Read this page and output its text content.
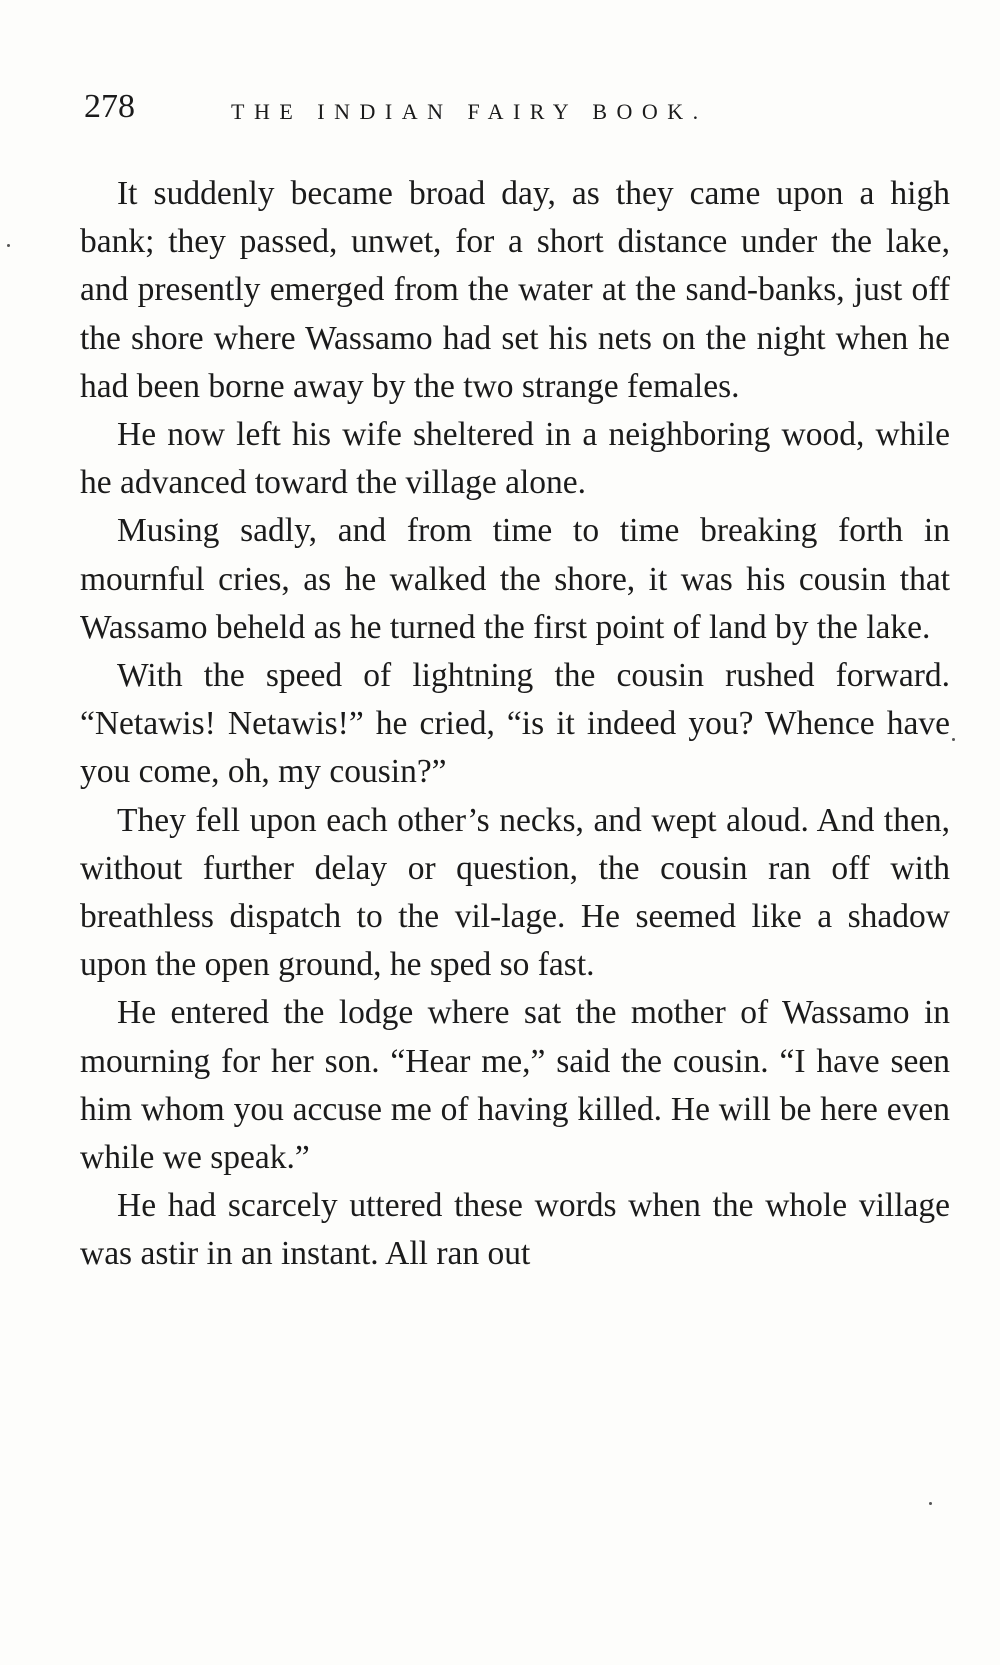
278	THE INDIAN FAIRY BOOK.

It suddenly became broad day, as they came upon a high bank; they passed, unwet, for a short distance under the lake, and presently emerged from the water at the sand-banks, just off the shore where Wassamo had set his nets on the night when he had been borne away by the two strange females.

He now left his wife sheltered in a neighboring wood, while he advanced toward the village alone.

Musing sadly, and from time to time breaking forth in mournful cries, as he walked the shore, it was his cousin that Wassamo beheld as he turned the first point of land by the lake.

With the speed of lightning the cousin rushed forward. “Netawis! Netawis!” he cried, “is it indeed you? Whence have you come, oh, my cousin?”

They fell upon each other’s necks, and wept aloud. And then, without further delay or question, the cousin ran off with breathless dispatch to the vil-lage. He seemed like a shadow upon the open ground, he sped so fast.

He entered the lodge where sat the mother of Wassamo in mourning for her son. “Hear me,” said the cousin. “I have seen him whom you accuse me of having killed. He will be here even while we speak.”

He had scarcely uttered these words when the whole village was astir in an instant. All ran out
